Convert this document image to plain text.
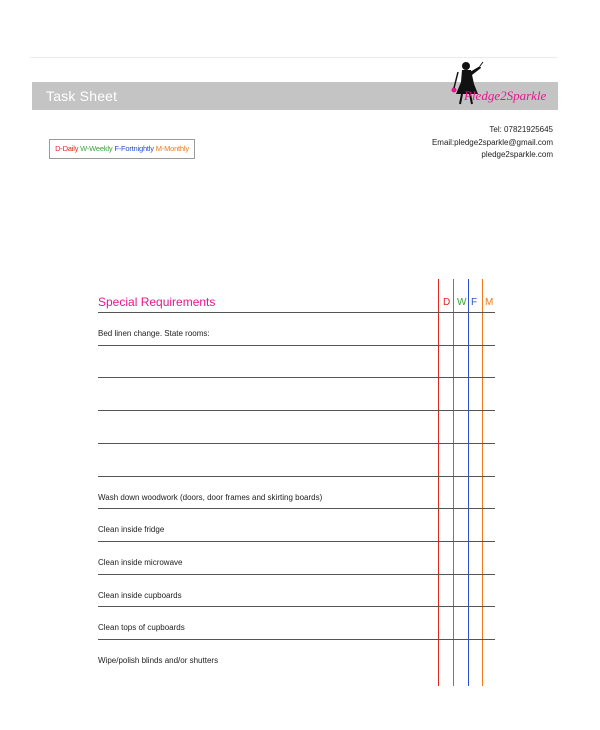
Task Sheet	Pledge2Sparkle
D-Daily W-Weekly F-Fortnightly M-Monthly
Tel: 07821925645
Email:pledge2sparkle@gmail.com
pledge2sparkle.com
Special Requirements	D W F M
Bed linen change. State rooms:
Wash down woodwork (doors, door frames and skirting boards)
Clean inside fridge
Clean inside microwave
Clean inside cupboards
Clean tops of cupboards
Wipe/polish blinds and/or shutters
